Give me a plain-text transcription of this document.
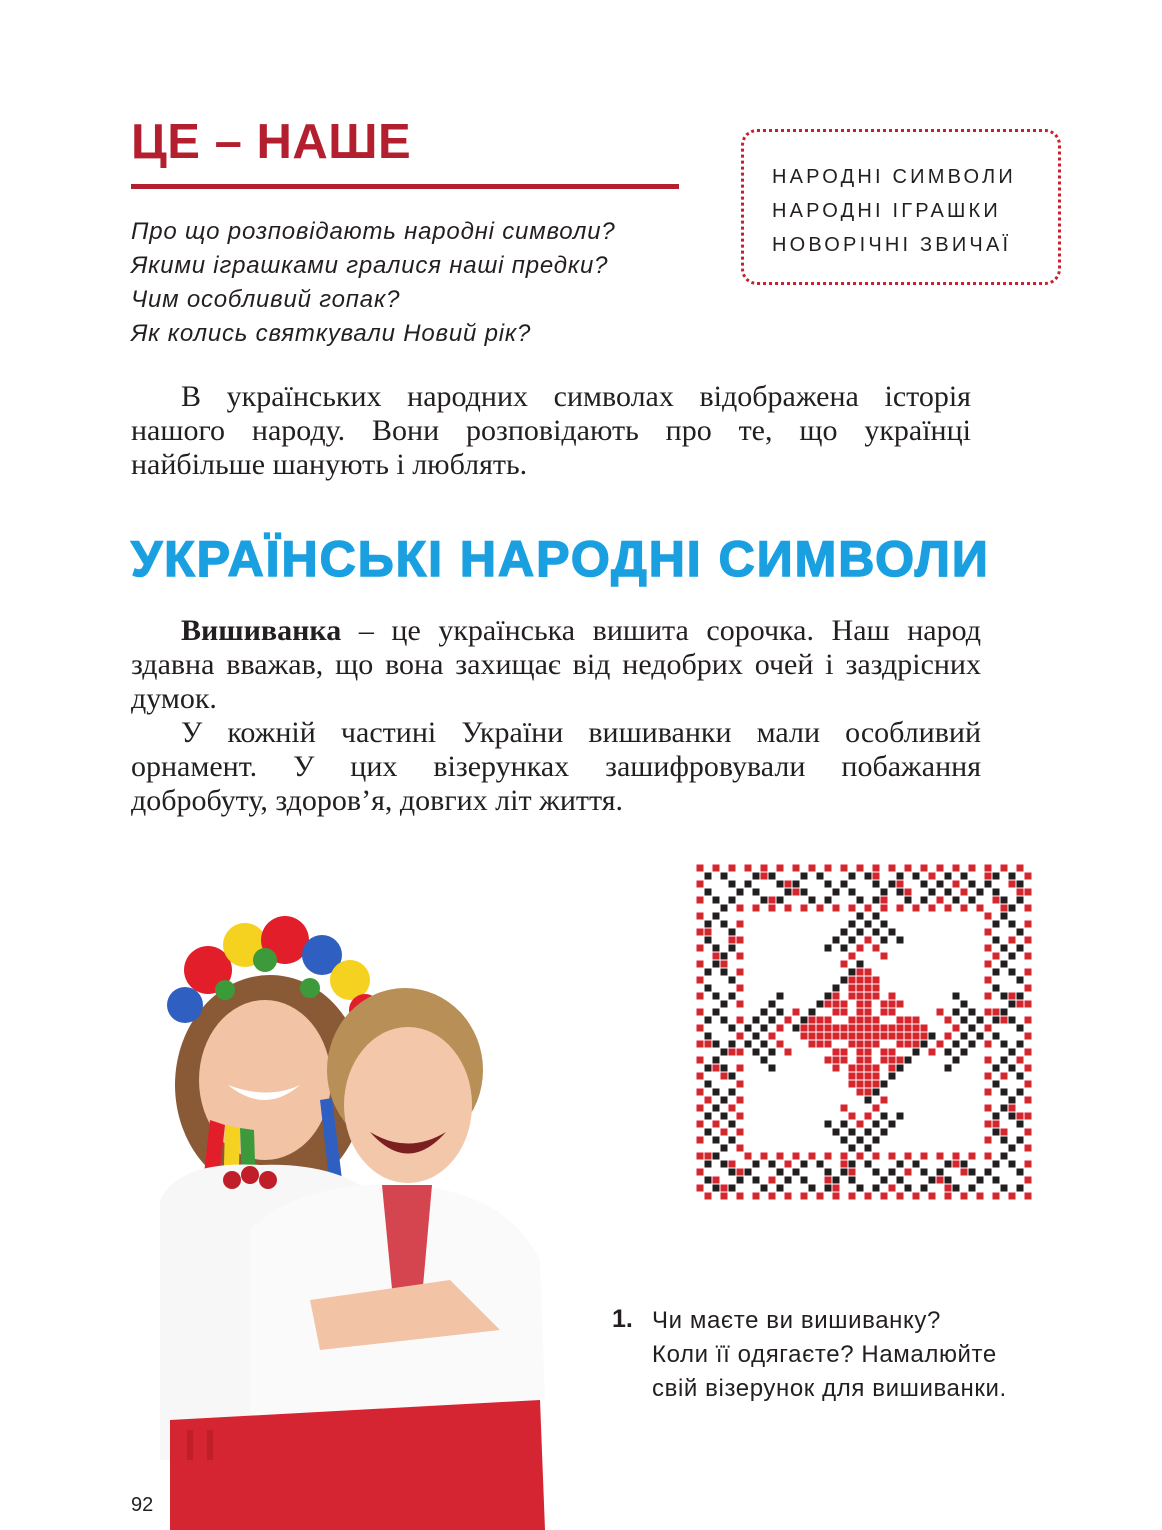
ЦЕ – НАШЕ
Про що розповідають народні символи?
Якими іграшками гралися наші предки?
Чим особливий гопак?
Як колись святкували Новий рік?
НАРОДНІ СИМВОЛИ
НАРОДНІ ІГРАШКИ
НОВОРІЧНІ ЗВИЧАЇ
В українських народних символах відображена історія нашого народу. Вони розповідають про те, що українці найбільше шанують і люблять.
УКРАЇНСЬКІ НАРОДНІ СИМВОЛИ
Вишиванка – це українська вишита сорочка. Наш народ здавна вважав, що вона захищає від недобрих очей і заздрісних думок.
У кожній частині України вишиванки мали особливий орнамент. У цих візерунках зашифровували побажання добробуту, здоров’я, довгих літ життя.
1. Чи маєте ви вишиванку?
Коли її одягаєте? Намалюйте
свій візерунок для вишиванки.
92
